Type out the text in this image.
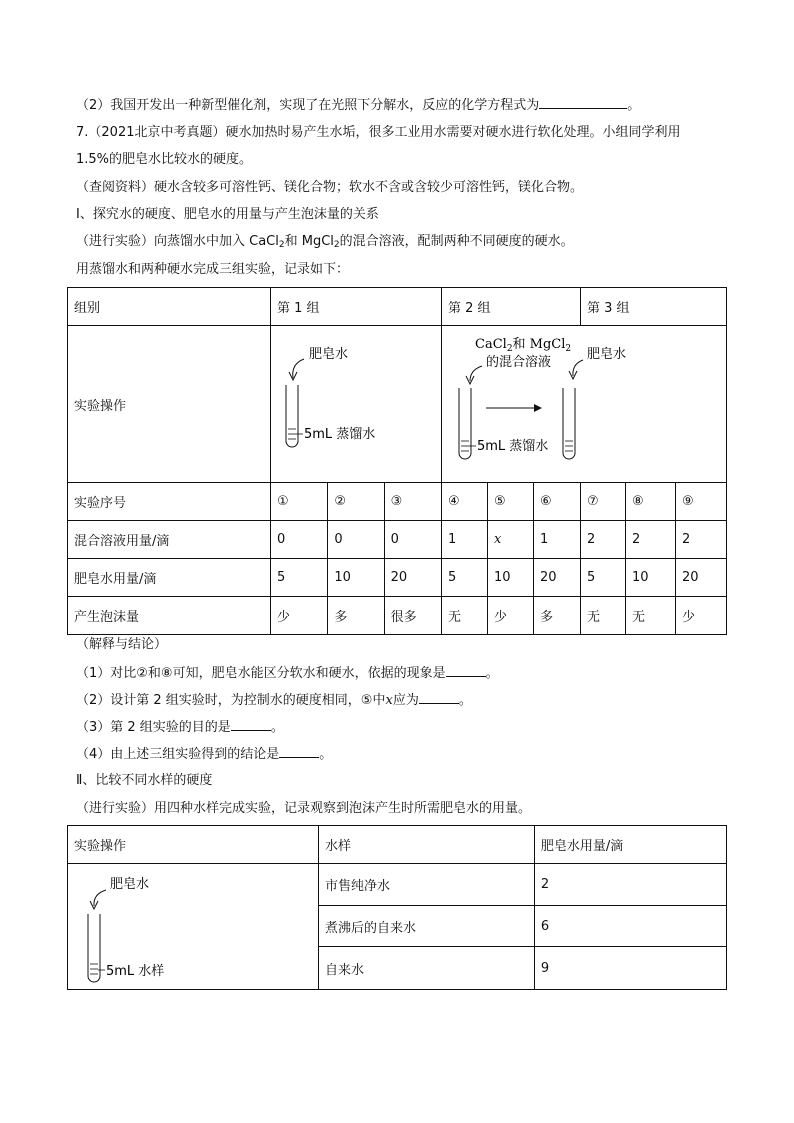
（2）我国开发出一种新型催化剂，实现了在光照下分解水，反应的化学方程式为	。
7.（2021北京中考真题）硬水加热时易产生水垢，很多工业用水需要对硬水进行软化处理。小组同学利用
1.5%的肥皂水比较水的硬度。
（查阅资料）硬水含较多可溶性钙、镁化合物；软水不含或含较少可溶性钙，镁化合物。
Ⅰ、探究水的硬度、肥皂水的用量与产生泡沫量的关系
（进行实验）向蒸馏水中加入 CaCl$_2$和 MgCl$_2$的混合溶液，配制两种不同硬度的硬水。
用蒸馏水和两种硬水完成三组实验，记录如下：
组别	第 1 组			第 2 组			第 3 组		
实验操作	肥皂水
5mL 蒸馏水			CaCl$_2$和 MgCl$_2$
的混合溶液
肥皂水
5mL 蒸馏水					

实验序号	①	②	③	④	⑤	⑥	⑦	⑧	⑨
混合溶液用量/滴	0	0	0	1	x	1	2	2	2
肥皂水用量/滴	5	10	20	5	10	20	5	10	20
产生泡沫量	少	多	很多	无	少	多	无	无	少
（解释与结论）
（1）对比②和⑧可知，肥皂水能区分软水和硬水，依据的现象是	。
（2）设计第 2 组实验时，为控制水的硬度相同，⑤中x应为	。
（3）第 2 组实验的目的是	。
（4）由上述三组实验得到的结论是	。
Ⅱ、比较不同水样的硬度
（进行实验）用四种水样完成实验，记录观察到泡沫产生时所需肥皂水的用量。
实验操作	水样	肥皂水用量/滴

肥皂水
5mL 水样	市售纯净水	2
	煮沸后的自来水	6
	自来水	9
